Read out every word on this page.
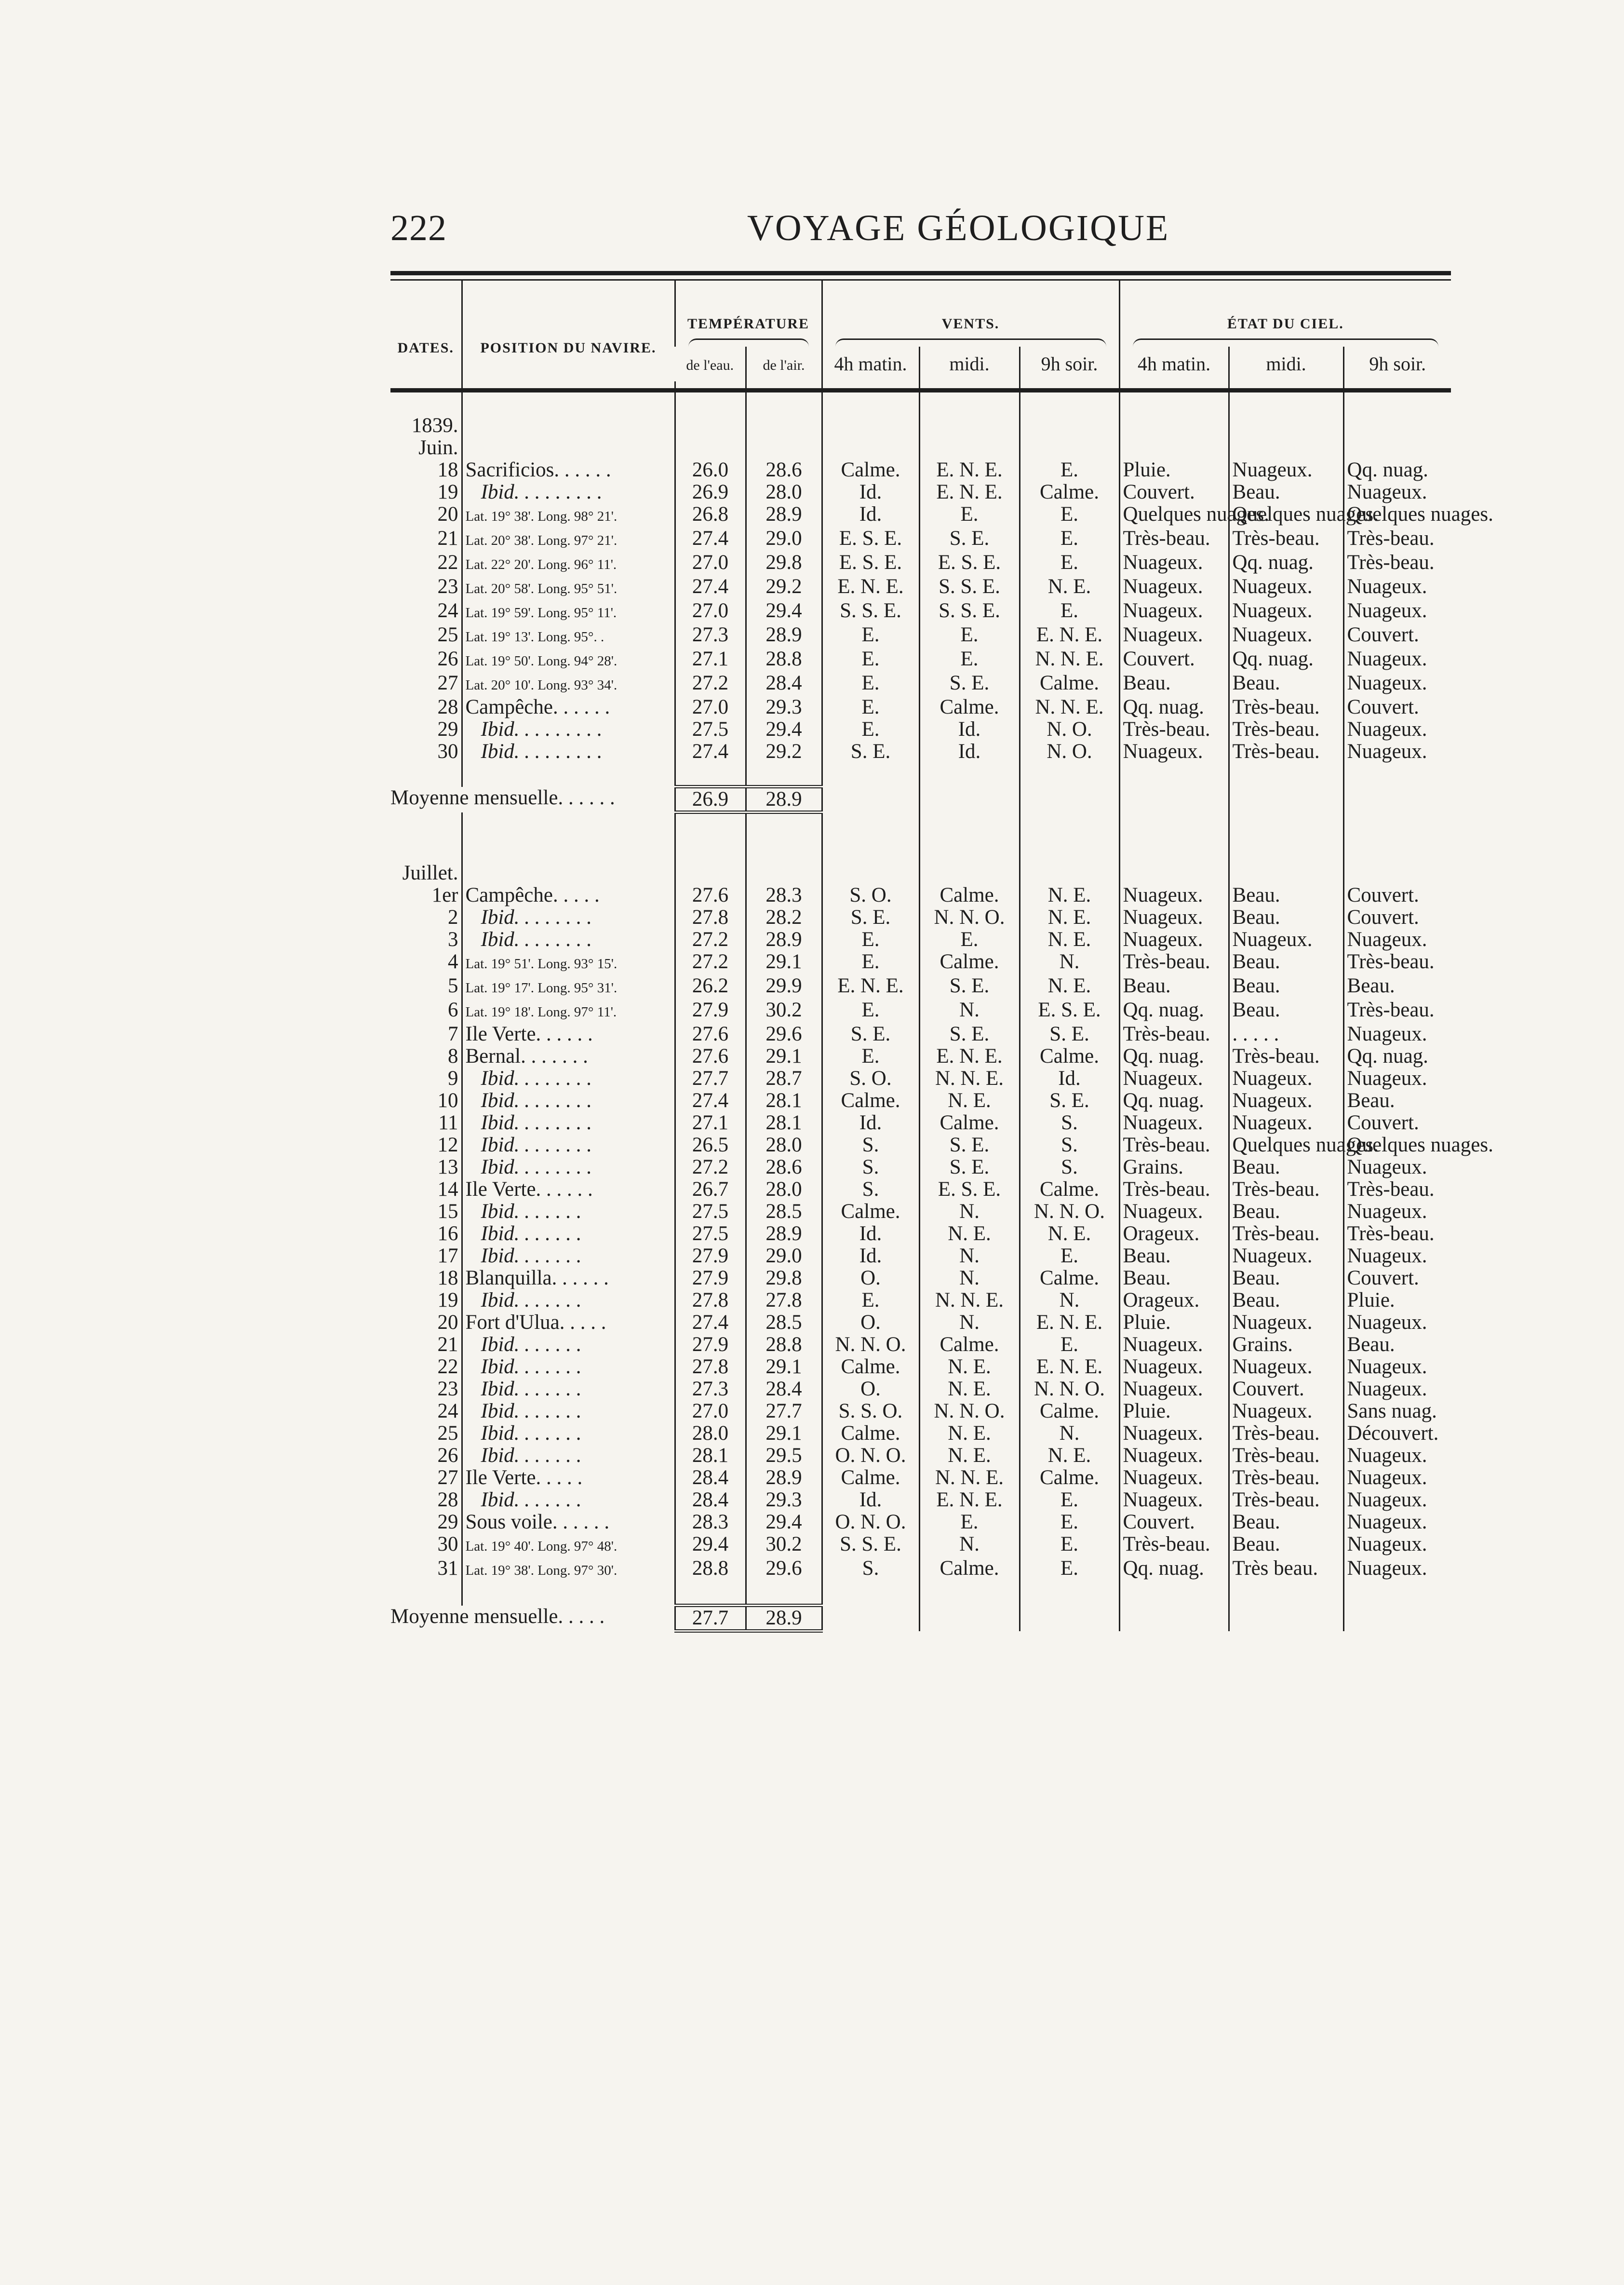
222	VOYAGE GÉOLOGIQUE
DATES.	POSITION DU NAVIRE.	TEMPÉRATURE		VENTS.			ÉTAT DU CIEL.		

		de l'eau.	de l'air.	4h matin.	midi.	9h soir.	4h matin.	midi.	9h soir.

1839.									
Juin.									
18	Sacrificios. . . . . .	26.0	28.6	Calme.	E. N. E.	E.	Pluie.	Nuageux.	Qq. nuag.
19	Ibid. . . . . . . . .	26.9	28.0	Id.	E. N. E.	Calme.	Couvert.	Beau.	Nuageux.
20	Lat. 19° 38'. Long. 98° 21'.	26.8	28.9	Id.	E.	E.	Quelques nuages.	Quelques nuages.	Quelques nuages.
21	Lat. 20° 38'. Long. 97° 21'.	27.4	29.0	E. S. E.	S. E.	E.	Très-beau.	Très-beau.	Très-beau.
22	Lat. 22° 20'. Long. 96° 11'.	27.0	29.8	E. S. E.	E. S. E.	E.	Nuageux.	Qq. nuag.	Très-beau.
23	Lat. 20° 58'. Long. 95° 51'.	27.4	29.2	E. N. E.	S. S. E.	N. E.	Nuageux.	Nuageux.	Nuageux.
24	Lat. 19° 59'. Long. 95° 11'.	27.0	29.4	S. S. E.	S. S. E.	E.	Nuageux.	Nuageux.	Nuageux.
25	Lat. 19° 13'. Long. 95°. .	27.3	28.9	E.	E.	E. N. E.	Nuageux.	Nuageux.	Couvert.
26	Lat. 19° 50'. Long. 94° 28'.	27.1	28.8	E.	E.	N. N. E.	Couvert.	Qq. nuag.	Nuageux.
27	Lat. 20° 10'. Long. 93° 34'.	27.2	28.4	E.	S. E.	Calme.	Beau.	Beau.	Nuageux.
28	Campêche. . . . . .	27.0	29.3	E.	Calme.	N. N. E.	Qq. nuag.	Très-beau.	Couvert.
29	Ibid. . . . . . . . .	27.5	29.4	E.	Id.	N. O.	Très-beau.	Très-beau.	Nuageux.
30	Ibid. . . . . . . . .	27.4	29.2	S. E.	Id.	N. O.	Nuageux.	Très-beau.	Nuageux.

Moyenne mensuelle. . . . . .		26.9	28.9						

Juillet.									
1er	Campêche. . . . .	27.6	28.3	S. O.	Calme.	N. E.	Nuageux.	Beau.	Couvert.
2	Ibid. . . . . . . .	27.8	28.2	S. E.	N. N. O.	N. E.	Nuageux.	Beau.	Couvert.
3	Ibid. . . . . . . .	27.2	28.9	E.	E.	N. E.	Nuageux.	Nuageux.	Nuageux.
4	Lat. 19° 51'. Long. 93° 15'.	27.2	29.1	E.	Calme.	N.	Très-beau.	Beau.	Très-beau.
5	Lat. 19° 17'. Long. 95° 31'.	26.2	29.9	E. N. E.	S. E.	N. E.	Beau.	Beau.	Beau.
6	Lat. 19° 18'. Long. 97° 11'.	27.9	30.2	E.	N.	E. S. E.	Qq. nuag.	Beau.	Très-beau.
7	Ile Verte. . . . . .	27.6	29.6	S. E.	S. E.	S. E.	Très-beau.	. . . . .	Nuageux.
8	Bernal. . . . . . .	27.6	29.1	E.	E. N. E.	Calme.	Qq. nuag.	Très-beau.	Qq. nuag.
9	Ibid. . . . . . . .	27.7	28.7	S. O.	N. N. E.	Id.	Nuageux.	Nuageux.	Nuageux.
10	Ibid. . . . . . . .	27.4	28.1	Calme.	N. E.	S. E.	Qq. nuag.	Nuageux.	Beau.
11	Ibid. . . . . . . .	27.1	28.1	Id.	Calme.	S.	Nuageux.	Nuageux.	Couvert.
12	Ibid. . . . . . . .	26.5	28.0	S.	S. E.	S.	Très-beau.	Quelques nuages.	Quelques nuages.
13	Ibid. . . . . . . .	27.2	28.6	S.	S. E.	S.	Grains.	Beau.	Nuageux.
14	Ile Verte. . . . . .	26.7	28.0	S.	E. S. E.	Calme.	Très-beau.	Très-beau.	Très-beau.
15	Ibid. . . . . . .	27.5	28.5	Calme.	N.	N. N. O.	Nuageux.	Beau.	Nuageux.
16	Ibid. . . . . . .	27.5	28.9	Id.	N. E.	N. E.	Orageux.	Très-beau.	Très-beau.
17	Ibid. . . . . . .	27.9	29.0	Id.	N.	E.	Beau.	Nuageux.	Nuageux.
18	Blanquilla. . . . . .	27.9	29.8	O.	N.	Calme.	Beau.	Beau.	Couvert.
19	Ibid. . . . . . .	27.8	27.8	E.	N. N. E.	N.	Orageux.	Beau.	Pluie.
20	Fort d'Ulua. . . . .	27.4	28.5	O.	N.	E. N. E.	Pluie.	Nuageux.	Nuageux.
21	Ibid. . . . . . .	27.9	28.8	N. N. O.	Calme.	E.	Nuageux.	Grains.	Beau.
22	Ibid. . . . . . .	27.8	29.1	Calme.	N. E.	E. N. E.	Nuageux.	Nuageux.	Nuageux.
23	Ibid. . . . . . .	27.3	28.4	O.	N. E.	N. N. O.	Nuageux.	Couvert.	Nuageux.
24	Ibid. . . . . . .	27.0	27.7	S. S. O.	N. N. O.	Calme.	Pluie.	Nuageux.	Sans nuag.
25	Ibid. . . . . . .	28.0	29.1	Calme.	N. E.	N.	Nuageux.	Très-beau.	Découvert.
26	Ibid. . . . . . .	28.1	29.5	O. N. O.	N. E.	N. E.	Nuageux.	Très-beau.	Nuageux.
27	Ile Verte. . . . .	28.4	28.9	Calme.	N. N. E.	Calme.	Nuageux.	Très-beau.	Nuageux.
28	Ibid. . . . . . .	28.4	29.3	Id.	E. N. E.	E.	Nuageux.	Très-beau.	Nuageux.
29	Sous voile. . . . . .	28.3	29.4	O. N. O.	E.	E.	Couvert.	Beau.	Nuageux.
30	Lat. 19° 40'. Long. 97° 48'.	29.4	30.2	S. S. E.	N.	E.	Très-beau.	Beau.	Nuageux.
31	Lat. 19° 38'. Long. 97° 30'.	28.8	29.6	S.	Calme.	E.	Qq. nuag.	Très beau.	Nuageux.

Moyenne mensuelle. . . . .		27.7	28.9						
